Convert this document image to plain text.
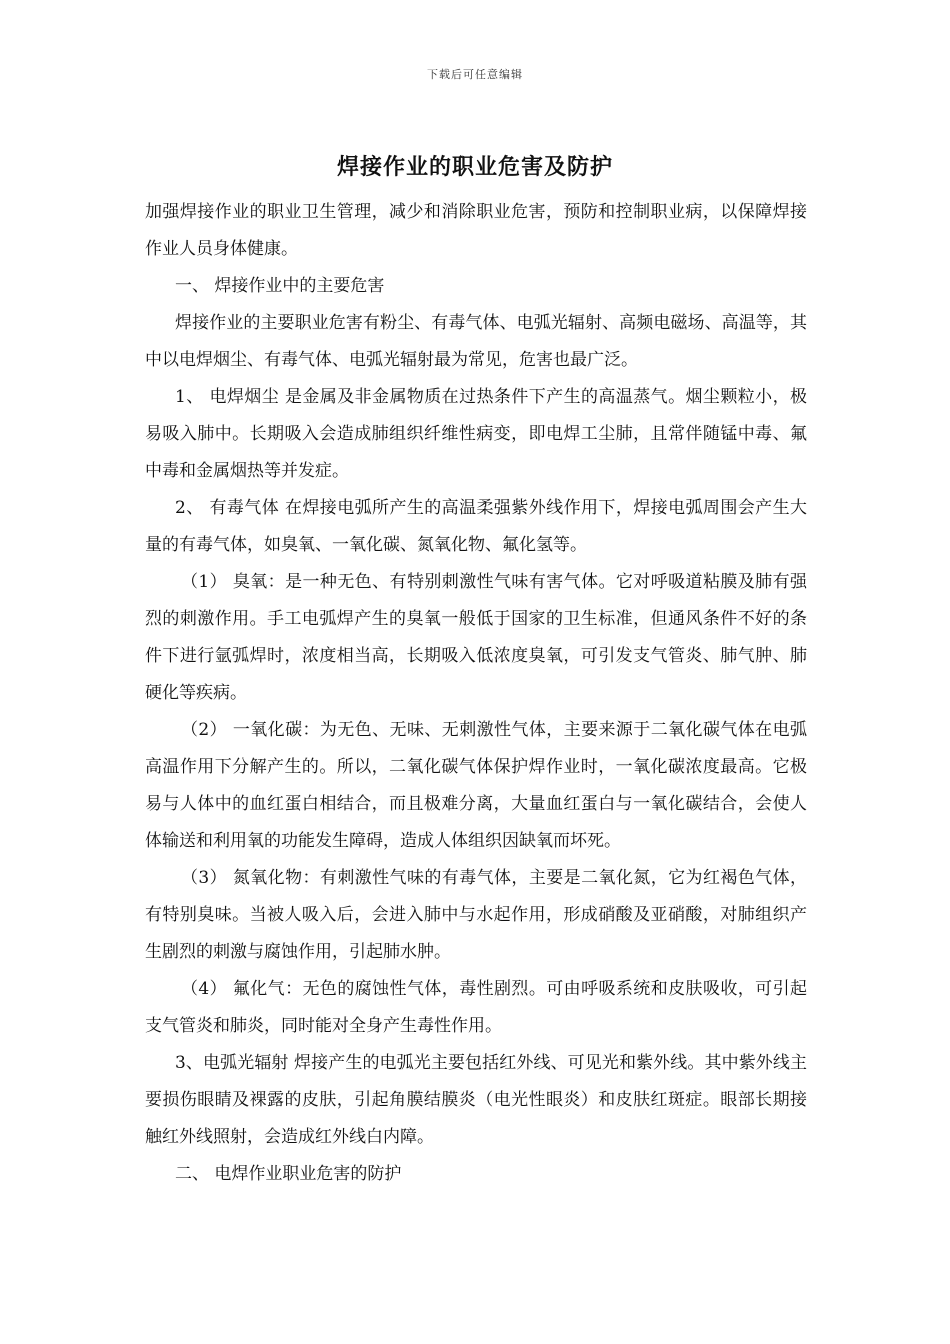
下载后可任意编辑
焊接作业的职业危害及防护

加强焊接作业的职业卫生管理，减少和消除职业危害，预防和控制职业病，以保障焊接作业人员身体健康。

一、 焊接作业中的主要危害

焊接作业的主要职业危害有粉尘、有毒气体、电弧光辐射、高频电磁场、高温等，其中以电焊烟尘、有毒气体、电弧光辐射最为常见，危害也最广泛。

1、 电焊烟尘 是金属及非金属物质在过热条件下产生的高温蒸气。烟尘颗粒小，极易吸入肺中。长期吸入会造成肺组织纤维性病变，即电焊工尘肺，且常伴随锰中毒、氟中毒和金属烟热等并发症。

2、 有毒气体 在焊接电弧所产生的高温柔强紫外线作用下，焊接电弧周围会产生大量的有毒气体，如臭氧、一氧化碳、氮氧化物、氟化氢等。

（1） 臭氧：是一种无色、有特别刺激性气味有害气体。它对呼吸道粘膜及肺有强烈的刺激作用。手工电弧焊产生的臭氧一般低于国家的卫生标准，但通风条件不好的条件下进行氩弧焊时，浓度相当高，长期吸入低浓度臭氧，可引发支气管炎、肺气肿、肺硬化等疾病。

（2） 一氧化碳：为无色、无味、无刺激性气体，主要来源于二氧化碳气体在电弧高温作用下分解产生的。所以，二氧化碳气体保护焊作业时，一氧化碳浓度最高。它极易与人体中的血红蛋白相结合，而且极难分离，大量血红蛋白与一氧化碳结合，会使人体输送和利用氧的功能发生障碍，造成人体组织因缺氧而坏死。

（3） 氮氧化物：有刺激性气味的有毒气体，主要是二氧化氮，它为红褐色气体，有特别臭味。当被人吸入后，会进入肺中与水起作用，形成硝酸及亚硝酸，对肺组织产生剧烈的刺激与腐蚀作用，引起肺水肿。

（4） 氟化气：无色的腐蚀性气体，毒性剧烈。可由呼吸系统和皮肤吸收，可引起支气管炎和肺炎，同时能对全身产生毒性作用。

3、电弧光辐射 焊接产生的电弧光主要包括红外线、可见光和紫外线。其中紫外线主要损伤眼睛及裸露的皮肤，引起角膜结膜炎（电光性眼炎）和皮肤红斑症。眼部长期接触红外线照射，会造成红外线白内障。

二、 电焊作业职业危害的防护
